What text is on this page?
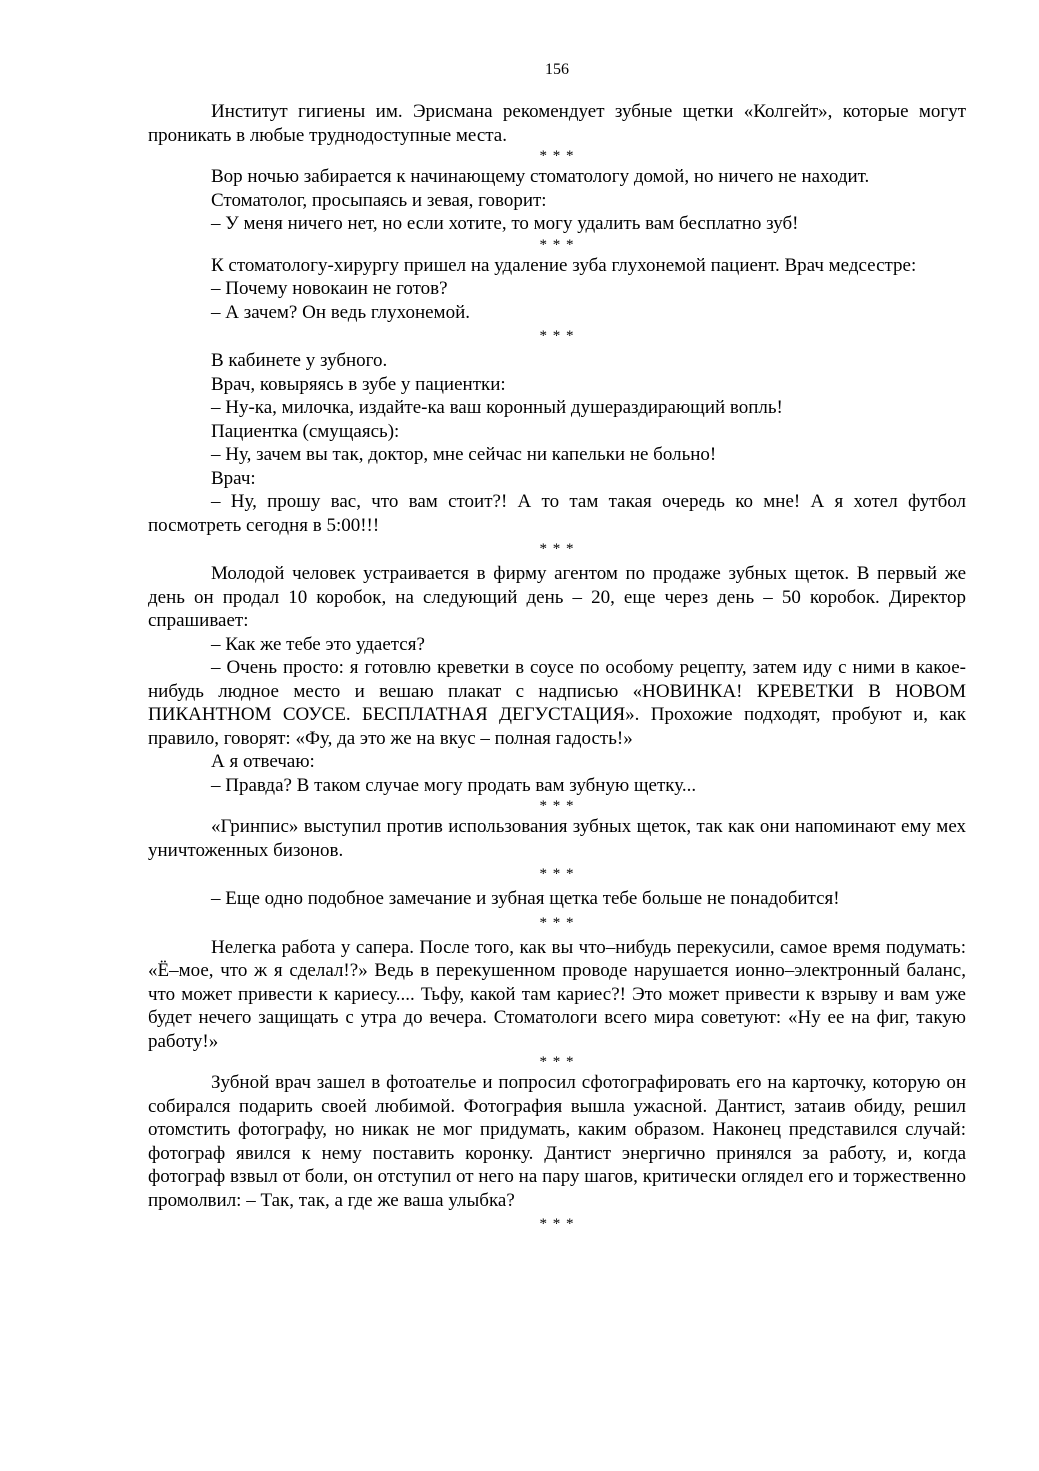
156

Институт гигиены им. Эрисмана рекомендует зубные щетки «Колгейт», которые могут проникать в любые труднодоступные места.

* * *

Вор ночью забирается к начинающему стоматологу домой, но ничего не находит.

Стоматолог, просыпаясь и зевая, говорит:

– У меня ничего нет, но если хотите, то могу удалить вам бесплатно зуб!

* * *

К стоматологу-хирургу пришел на удаление зуба глухонемой пациент. Врач медсестре:

– Почему новокаин не готов?

– А зачем? Он ведь глухонемой.

* * *

В кабинете у зубного.

Врач, ковыряясь в зубе у пациентки:

– Ну-ка, милочка, издайте-ка ваш коронный душераздирающий вопль!

Пациентка (смущаясь):

– Ну, зачем вы так, доктор, мне сейчас ни капельки не больно!

Врач:

– Ну, прошу вас, что вам стоит?! А то там такая очередь ко мне! А я хотел футбол посмотреть сегодня в 5:00!!!

* * *

Молодой человек устраивается в фирму агентом по продаже зубных щеток. В первый же день он продал 10 коробок, на следующий день – 20, еще через день – 50 коробок. Директор спрашивает:

– Как же тебе это удается?

– Очень просто: я готовлю креветки в соусе по особому рецепту, затем иду с ними в какое-нибудь людное место и вешаю плакат с надписью «НОВИНКА! КРЕВЕТКИ В НОВОМ ПИКАНТНОМ СОУСЕ. БЕСПЛАТНАЯ ДЕГУСТАЦИЯ». Прохожие подходят, пробуют и, как правило, говорят: «Фу, да это же на вкус – полная гадость!»

А я отвечаю:

– Правда? В таком случае могу продать вам зубную щетку...

* * *

«Гринпис» выступил против использования зубных щеток, так как они напоминают ему мех уничтоженных бизонов.

* * *

– Еще одно подобное замечание и зубная щетка тебе больше не понадобится!

* * *

Нелегка работа у сапера. После того, как вы что–нибудь перекусили, самое время подумать: «Ё–мое, что ж я сделал!?» Ведь в перекушенном проводе нарушается ионно–электронный баланс, что может привести к кариесу.... Тьфу, какой там кариес?! Это может привести к взрыву и вам уже будет нечего защищать с утра до вечера. Стоматологи всего мира советуют: «Ну ее на фиг, такую работу!»

* * *

Зубной врач зашел в фотоателье и попросил сфотографировать его на карточку, которую он собирался подарить своей любимой. Фотография вышла ужасной. Дантист, затаив обиду, решил отомстить фотографу, но никак не мог придумать, каким образом. Наконец представился случай: фотограф явился к нему поставить коронку. Дантист энергично принялся за работу, и, когда фотограф взвыл от боли, он отступил от него на пару шагов, критически оглядел его и торжественно промолвил: – Так, так, а где же ваша улыбка?

* * *
